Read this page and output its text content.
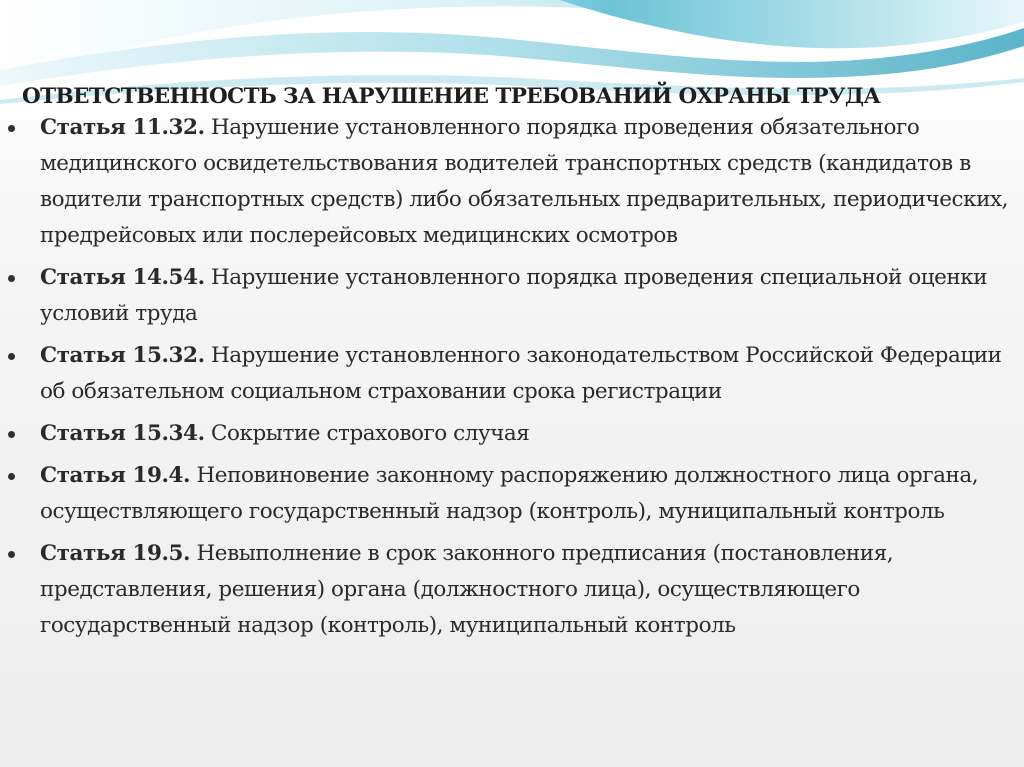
ОТВЕТСТВЕННОСТЬ ЗА НАРУШЕНИЕ ТРЕБОВАНИЙ ОХРАНЫ ТРУДА
Статья 11.32. Нарушение установленного порядка проведения обязательного медицинского освидетельствования водителей транспортных средств (кандидатов в водители транспортных средств) либо обязательных предварительных, периодических, предрейсовых или послерейсовых медицинских осмотров
Статья 14.54. Нарушение установленного порядка проведения специальной оценки условий труда
Статья 15.32. Нарушение установленного законодательством Российской Федерации об обязательном социальном страховании срока регистрации
Статья 15.34. Сокрытие страхового случая
Статья 19.4. Неповиновение законному распоряжению должностного лица органа, осуществляющего государственный надзор (контроль), муниципальный контроль
Статья 19.5. Невыполнение в срок законного предписания (постановления, представления, решения) органа (должностного лица), осуществляющего государственный надзор (контроль), муниципальный контроль
